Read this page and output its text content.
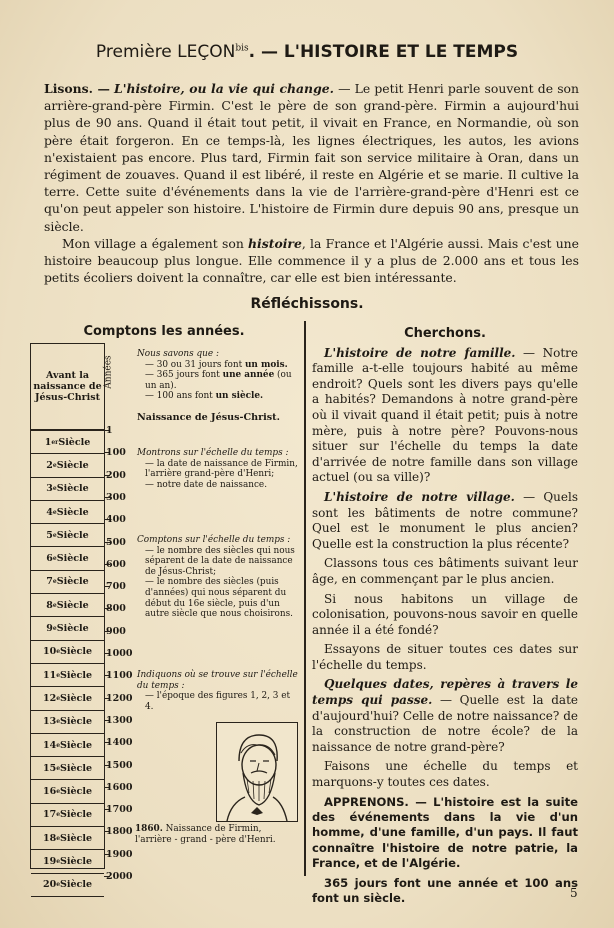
Première $LEÇON^{bis}$. — L'HISTOIRE ET LE TEMPS

Lisons. — L'histoire, ou la vie qui change. — Le petit Henri parle souvent de son arrière-grand-père Firmin. C'est le père de son grand-père. Firmin a aujourd'hui plus de 90 ans. Quand il était tout petit, il vivait en France, en Normandie, où son père était forgeron. En ce temps-là, les lignes électriques, les autos, les avions n'existaient pas encore. Plus tard, Firmin fait son service militaire à Oran, dans un régiment de zouaves. Quand il est libéré, il reste en Algérie et se marie. Il cultive la terre. Cette suite d'événements dans la vie de l'arrière-grand-père d'Henri est ce qu'on peut appeler son histoire. L'histoire de Firmin dure depuis 90 ans, presque un siècle.

Mon village a également son histoire, la France et l'Algérie aussi. Mais c'est une histoire beaucoup plus longue. Elle commence il y a plus de 2.000 ans et tous les petits écoliers doivent la connaître, car elle est bien intéressante.

Réfléchissons.
Comptons les années.
Avant la naissance de Jésus-Christ
1 er Siècle
2 e Siècle
3 e Siècle
4 e Siècle
5 e Siècle
6 e Siècle
7 e Siècle
8 e Siècle
9 e Siècle
10 e Siècle
11 e Siècle
12 e Siècle
13 e Siècle
14 e Siècle
15 e Siècle
16 e Siècle
17 e Siècle
18 e Siècle
19 e Siècle
20 e Siècle
Années
1
100
200
300
400
500
600
700
800
900
1000
1100
1200
1300
1400
1500
1600
1700
1800
1900
2000
Nous savons que :
— 30 ou 31 jours font un mois.
— 365 jours font une année (ou un an).
— 100 ans font un siècle.
Naissance de Jésus-Christ.
Montrons sur l'échelle du temps :
— la date de naissance de Firmin, l'arrière grand-père d'Henri;
— notre date de naissance.
Comptons sur l'échelle du temps :
— le nombre des siècles qui nous séparent de la date de naissance de Jésus-Christ;
— le nombre des siècles (puis d'années) qui nous séparent du début du 16e siècle, puis d'un autre siècle que nous choisirons.
Indiquons où se trouve sur l'échelle du temps :
— l'époque des figures 1, 2, 3 et 4.
1860. Naissance de Firmin, l'arrière - grand - père d'Henri.
Cherchons.

L'histoire de notre famille. — Notre famille a-t-elle toujours habité au même endroit? Quels sont les divers pays qu'elle a habités? Demandons à notre grand-père où il vivait quand il était petit; puis à notre mère, puis à notre père? Pouvons-nous situer sur l'échelle du temps la date d'arrivée de notre famille dans son village actuel (ou sa ville)?

L'histoire de notre village. — Quels sont les bâtiments de notre commune? Quel est le monument le plus ancien? Quelle est la construction la plus récente?

Classons tous ces bâtiments suivant leur âge, en commençant par le plus ancien.

Si nous habitons un village de colonisation, pouvons-nous savoir en quelle année il a été fondé?

Essayons de situer toutes ces dates sur l'échelle du temps.

Quelques dates, repères à travers le temps qui passe. — Quelle est la date d'aujourd'hui? Celle de notre naissance? de la construction de notre école? de la naissance de notre grand-père?

Faisons une échelle du temps et marquons-y toutes ces dates.

APPRENONS. — L'histoire est la suite des événements dans la vie d'un homme, d'une famille, d'un pays. Il faut connaître l'histoire de notre patrie, la France, et de l'Algérie.

365 jours font une année et 100 ans font un siècle.	5
